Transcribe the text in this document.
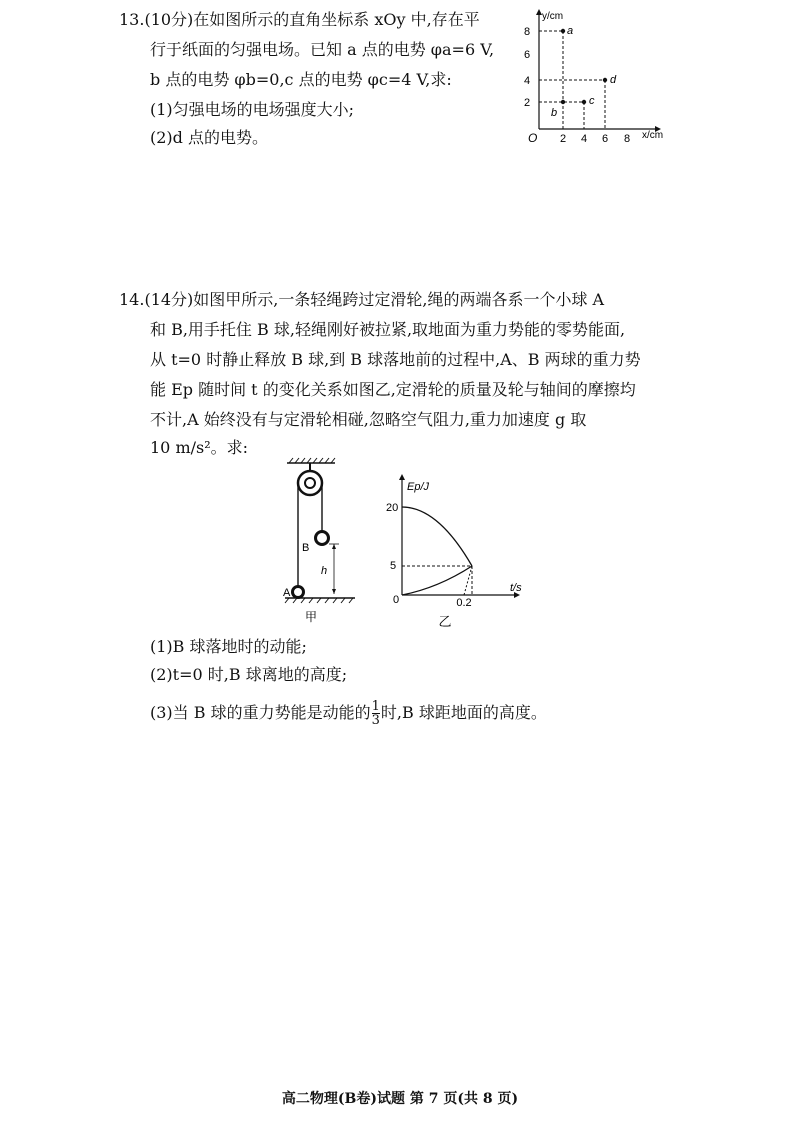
13.(10分)在如图所示的直角坐标系 xOy 中,存在平
行于纸面的匀强电场。已知 a 点的电势 φa=6 V,
b 点的电势 φb=0,c 点的电势 φc=4 V,求:
(1)匀强电场的电场强度大小;
(2)d 点的电势。	2 4 6 8
2
4
6
8
O
y/cm
x/cm
a
b
c
d
14.(14分)如图甲所示,一条轻绳跨过定滑轮,绳的两端各系一个小球 A
和 B,用手托住 B 球,轻绳刚好被拉紧,取地面为重力势能的零势能面,
从 t=0 时静止释放 B 球,到 B 球落地前的过程中,A、B 两球的重力势
能 Ep 随时间 t 的变化关系如图乙,定滑轮的质量及轮与轴间的摩擦均
不计,A 始终没有与定滑轮相碰,忽略空气阻力,重力加速度 g 取
10 m/s²。求:
B
h
A
甲
Ep/J
t/s
20
5
0	0.2
乙
(1)B 球落地时的动能;
(2)t=0 时,B 球离地的高度;
(3)当 B 球的重力势能是动能的 $\frac{1}{3}$ 时,B 球距地面的高度。
高二物理(B卷)试题 第 7 页(共 8 页)
